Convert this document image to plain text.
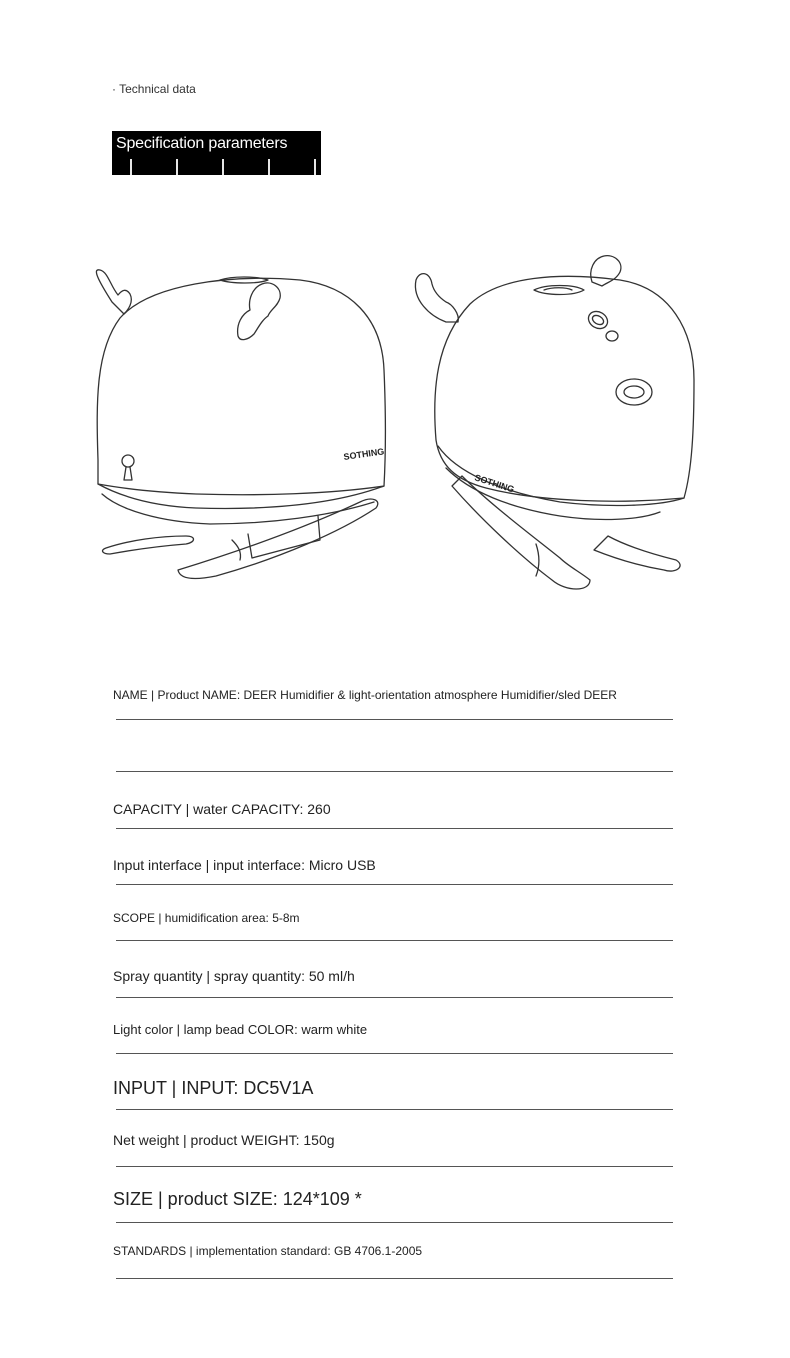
· Technical data
Specification parameters
SOTHING
SOTHING
NAME | Product NAME: DEER Humidifier & light-orientation atmosphere Humidifier/sled DEER
CAPACITY | water CAPACITY: 260
Input interface | input interface: Micro USB
SCOPE | humidification area: 5-8m
Spray quantity | spray quantity: 50 ml/h
Light color | lamp bead COLOR: warm white
INPUT | INPUT: DC5V1A
Net weight | product WEIGHT: 150g
SIZE | product SIZE: 124*109 *
STANDARDS | implementation standard: GB 4706.1-2005
